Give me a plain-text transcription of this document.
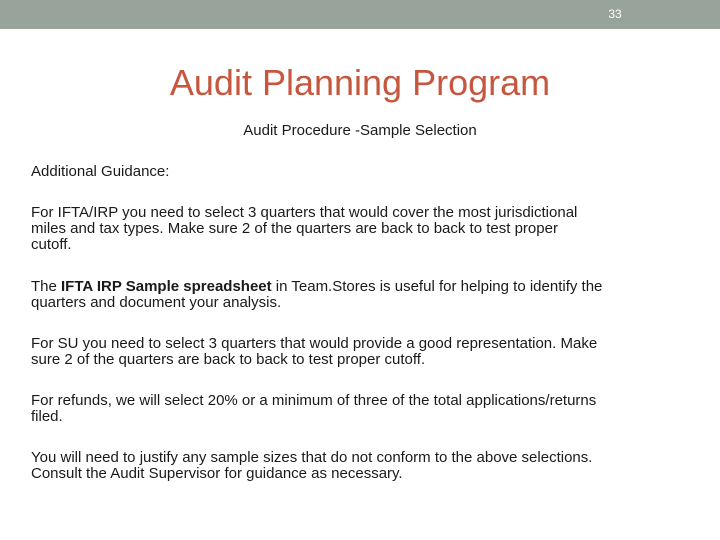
33
Audit Planning Program
Audit Procedure -Sample Selection
Additional Guidance:
For IFTA/IRP you need to select 3 quarters that would cover the most jurisdictional
miles and tax types. Make sure 2 of the quarters are back to back to test proper
cutoff.
The IFTA IRP Sample spreadsheet in Team.Stores is useful for helping to identify the
quarters and document your analysis.
For SU you need to select 3 quarters that would provide a good representation. Make
sure 2 of the quarters are back to back to test proper cutoff.
For refunds, we will select 20% or a minimum of three of the total applications/returns
filed.
You will need to justify any sample sizes that do not conform to the above selections.
Consult the Audit Supervisor for guidance as necessary.
